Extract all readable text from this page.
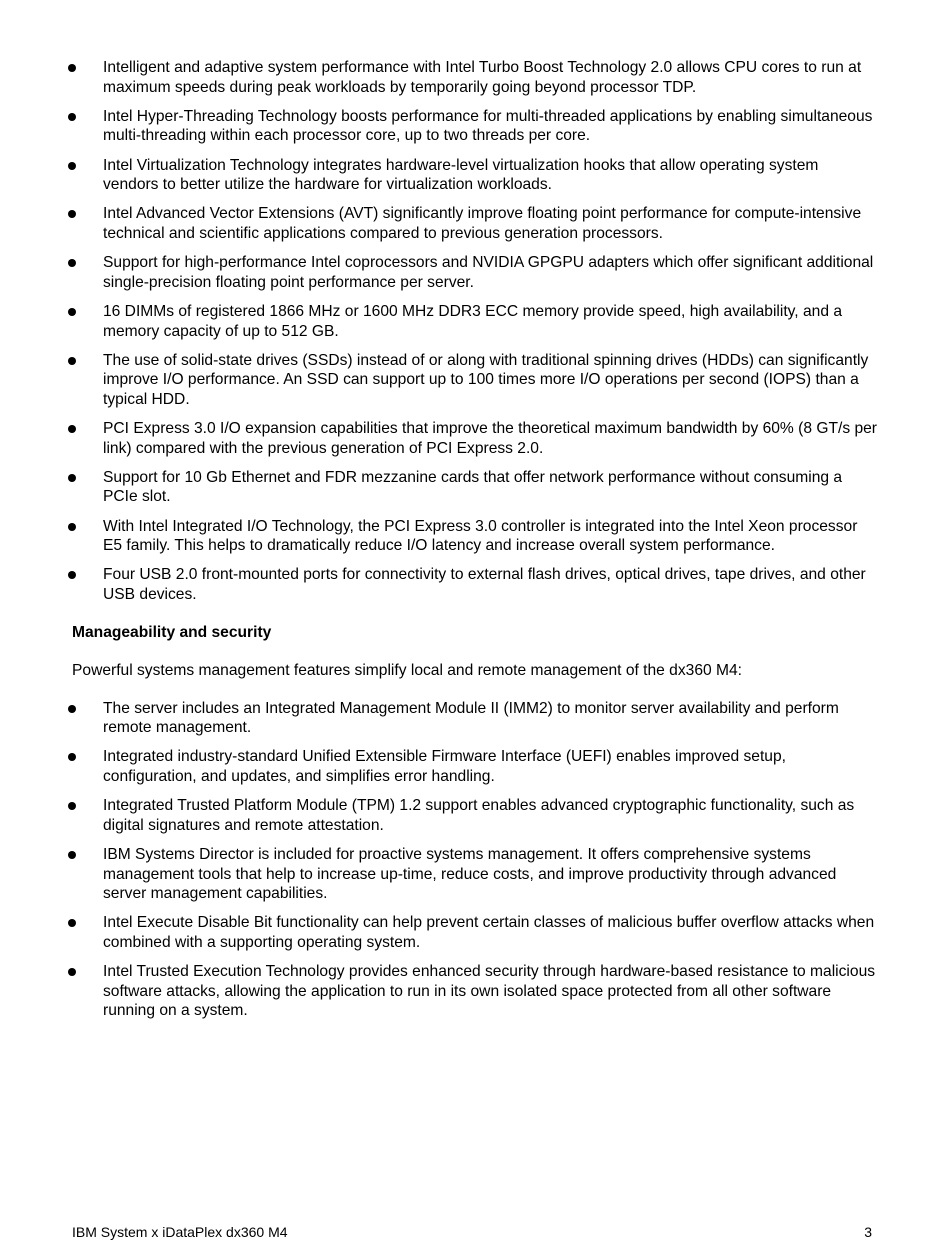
Intelligent and adaptive system performance with Intel Turbo Boost Technology 2.0 allows CPU cores to run at maximum speeds during peak workloads by temporarily going beyond processor TDP.
Intel Hyper-Threading Technology boosts performance for multi-threaded applications by enabling simultaneous multi-threading within each processor core, up to two threads per core.
Intel Virtualization Technology integrates hardware-level virtualization hooks that allow operating system vendors to better utilize the hardware for virtualization workloads.
Intel Advanced Vector Extensions (AVT) significantly improve floating point performance for compute-intensive technical and scientific applications compared to previous generation processors.
Support for high-performance Intel coprocessors and NVIDIA GPGPU adapters which offer significant additional single-precision floating point performance per server.
16 DIMMs of registered 1866 MHz or 1600 MHz DDR3 ECC memory provide speed, high availability, and a memory capacity of up to 512 GB.
The use of solid-state drives (SSDs) instead of or along with traditional spinning drives (HDDs) can significantly improve I/O performance. An SSD can support up to 100 times more I/O operations per second (IOPS) than a typical HDD.
PCI Express 3.0 I/O expansion capabilities that improve the theoretical maximum bandwidth by 60% (8 GT/s per link) compared with the previous generation of PCI Express 2.0.
Support for 10 Gb Ethernet and FDR mezzanine cards that offer network performance without consuming a PCIe slot.
With Intel Integrated I/O Technology, the PCI Express 3.0 controller is integrated into the Intel Xeon processor E5 family. This helps to dramatically reduce I/O latency and increase overall system performance.
Four USB 2.0 front-mounted ports for connectivity to external flash drives, optical drives, tape drives, and other USB devices.
Manageability and security
Powerful systems management features simplify local and remote management of the dx360 M4:
The server includes an Integrated Management Module II (IMM2) to monitor server availability and perform remote management.
Integrated industry-standard Unified Extensible Firmware Interface (UEFI) enables improved setup, configuration, and updates, and simplifies error handling.
Integrated Trusted Platform Module (TPM) 1.2 support enables advanced cryptographic functionality, such as digital signatures and remote attestation.
IBM Systems Director is included for proactive systems management. It offers comprehensive systems management tools that help to increase up-time, reduce costs, and improve productivity through advanced server management capabilities.
Intel Execute Disable Bit functionality can help prevent certain classes of malicious buffer overflow attacks when combined with a supporting operating system.
Intel Trusted Execution Technology provides enhanced security through hardware-based resistance to malicious software attacks, allowing the application to run in its own isolated space protected from all other software running on a system.
IBM System x iDataPlex dx360 M4	3
